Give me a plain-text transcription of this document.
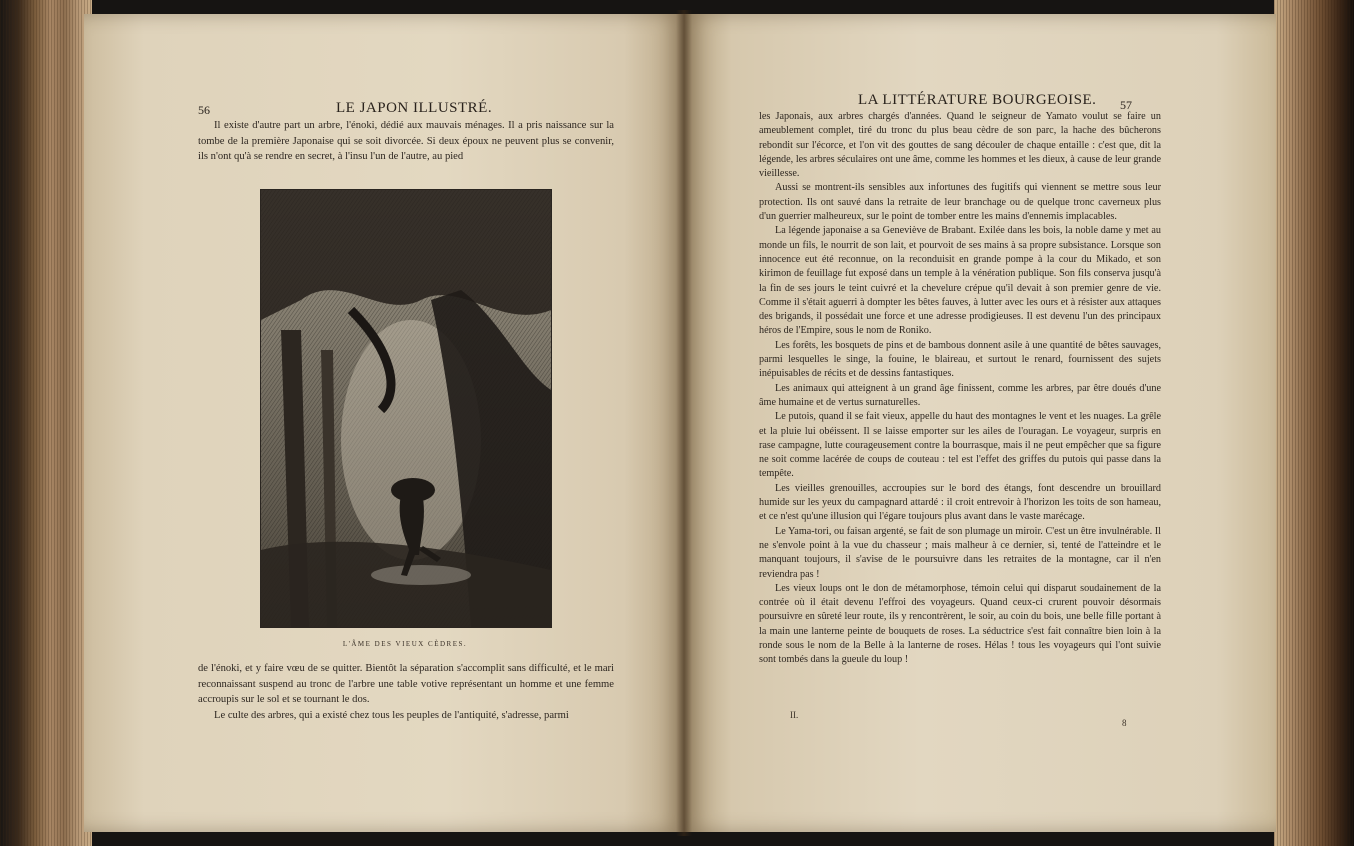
56	LE JAPON ILLUSTRÉ.

Il existe d'autre part un arbre, l'énoki, dédié aux mauvais ménages. Il a pris naissance sur la tombe de la première Japonaise qui se soit divorcée. Si deux époux ne peuvent plus se convenir, ils n'ont qu'à se rendre en secret, à l'insu l'un de l'autre, au pied

L'ÂME DES VIEUX CÈDRES.

de l'énoki, et y faire vœu de se quitter. Bientôt la séparation s'accomplit sans difficulté, et le mari reconnaissant suspend au tronc de l'arbre une table votive représentant un homme et une femme accroupis sur le sol et se tournant le dos.

Le culte des arbres, qui a existé chez tous les peuples de l'antiquité, s'adresse, parmi

LA LITTÉRATURE BOURGEOISE. 57

les Japonais, aux arbres chargés d'années. Quand le seigneur de Yamato voulut se faire un ameublement complet, tiré du tronc du plus beau cèdre de son parc, la hache des bûcherons rebondit sur l'écorce, et l'on vit des gouttes de sang découler de chaque entaille : c'est que, dit la légende, les arbres séculaires ont une âme, comme les hommes et les dieux, à cause de leur grande vieillesse.

Aussi se montrent-ils sensibles aux infortunes des fugitifs qui viennent se mettre sous leur protection. Ils ont sauvé dans la retraite de leur branchage ou de quelque tronc caverneux plus d'un guerrier malheureux, sur le point de tomber entre les mains d'ennemis implacables.

La légende japonaise a sa Geneviève de Brabant. Exilée dans les bois, la noble dame y met au monde un fils, le nourrit de son lait, et pourvoit de ses mains à sa propre subsistance. Lorsque son innocence eut été reconnue, on la reconduisit en grande pompe à la cour du Mikado, et son kirimon de feuillage fut exposé dans un temple à la vénération publique. Son fils conserva jusqu'à la fin de ses jours le teint cuivré et la chevelure crépue qu'il devait à son premier genre de vie. Comme il s'était aguerri à dompter les bêtes fauves, à lutter avec les ours et à résister aux attaques des brigands, il possédait une force et une adresse prodigieuses. Il est devenu l'un des principaux héros de l'Empire, sous le nom de Roniko.

Les forêts, les bosquets de pins et de bambous donnent asile à une quantité de bêtes sauvages, parmi lesquelles le singe, la fouine, le blaireau, et surtout le renard, fournissent des sujets inépuisables de récits et de dessins fantastiques.

Les animaux qui atteignent à un grand âge finissent, comme les arbres, par être doués d'une âme humaine et de vertus surnaturelles.

Le putois, quand il se fait vieux, appelle du haut des montagnes le vent et les nuages. La grêle et la pluie lui obéissent. Il se laisse emporter sur les ailes de l'ouragan. Le voyageur, surpris en rase campagne, lutte courageusement contre la bourrasque, mais il ne peut empêcher que sa figure ne soit comme lacérée de coups de couteau : tel est l'effet des griffes du putois qui passe dans la tempête.

Les vieilles grenouilles, accroupies sur le bord des étangs, font descendre un brouillard humide sur les yeux du campagnard attardé : il croit entrevoir à l'horizon les toits de son hameau, et ce n'est qu'une illusion qui l'égare toujours plus avant dans le vaste marécage.

Le Yama-tori, ou faisan argenté, se fait de son plumage un miroir. C'est un être invulnérable. Il ne s'envole point à la vue du chasseur ; mais malheur à ce dernier, si, tenté de l'atteindre et le manquant toujours, il s'avise de le poursuivre dans les retraites de la montagne, car il n'en reviendra pas !

Les vieux loups ont le don de métamorphose, témoin celui qui disparut soudainement de la contrée où il était devenu l'effroi des voyageurs. Quand ceux-ci crurent pouvoir désormais poursuivre en sûreté leur route, ils y rencontrèrent, le soir, au coin du bois, une belle fille portant à la main une lanterne peinte de bouquets de roses. La séductrice s'est fait connaître bien loin à la ronde sous le nom de la Belle à la lanterne de roses. Hélas ! tous les voyageurs qui l'ont suivie sont tombés dans la gueule du loup !

II.
8
